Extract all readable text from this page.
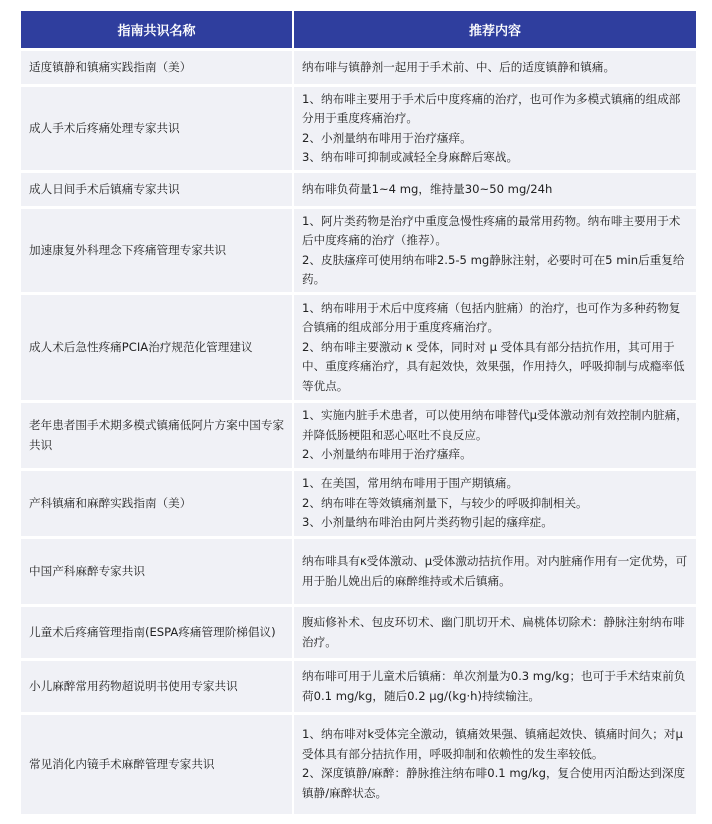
指南共识名称	推荐内容
适度镇静和镇痛实践指南（美）	纳布啡与镇静剂一起用于手术前、中、后的适度镇静和镇痛。

成人手术后疼痛处理专家共识	1、纳布啡主要用于手术后中度疼痛的治疗，也可作为多模式镇痛的组成部分用于重度疼痛治疗。
2、小剂量纳布啡用于治疗瘙痒。
3、纳布啡可抑制或减轻全身麻醉后寒战。

成人日间手术后镇痛专家共识	纳布啡负荷量1~4 mg，维持量30~50 mg/24h

加速康复外科理念下疼痛管理专家共识	1、阿片类药物是治疗中重度急慢性疼痛的最常用药物。纳布啡主要用于术后中度疼痛的治疗（推荐）。
2、皮肤瘙痒可使用纳布啡2.5-5 mg静脉注射，必要时可在5 min后重复给药。

成人术后急性疼痛PCIA治疗规范化管理建议	1、纳布啡用于术后中度疼痛（包括内脏痛）的治疗，也可作为多种药物复合镇痛的组成部分用于重度疼痛治疗。
2、纳布啡主要激动 κ 受体，同时对 μ 受体具有部分拮抗作用，其可用于中、重度疼痛治疗，具有起效快，效果强，作用持久，呼吸抑制与成瘾率低等优点。

老年患者围手术期多模式镇痛低阿片方案中国专家共识	1、实施内脏手术患者，可以使用纳布啡替代μ受体激动剂有效控制内脏痛，并降低肠梗阻和恶心呕吐不良反应。
2、小剂量纳布啡用于治疗瘙痒。

产科镇痛和麻醉实践指南（美）	1、在美国，常用纳布啡用于围产期镇痛。
2、纳布啡在等效镇痛剂量下，与较少的呼吸抑制相关。
3、小剂量纳布啡治由阿片类药物引起的瘙痒症。

中国产科麻醉专家共识	纳布啡具有κ受体激动、μ受体激动拮抗作用。对内脏痛作用有一定优势，可用于胎儿娩出后的麻醉维持或术后镇痛。

儿童术后疼痛管理指南(ESPA疼痛管理阶梯倡议)	腹疝修补术、包皮环切术、幽门肌切开术、扁桃体切除术：静脉注射纳布啡治疗。

小儿麻醉常用药物超说明书使用专家共识	纳布啡可用于儿童术后镇痛：单次剂量为0.3 mg/kg；也可于手术结束前负荷0.1 mg/kg，随后0.2 μg/(kg·h)持续输注。

常见消化内镜手术麻醉管理专家共识	1、纳布啡对k受体完全激动，镇痛效果强、镇痛起效快、镇痛时间久；对μ受体具有部分拮抗作用，呼吸抑制和依赖性的发生率较低。
2、深度镇静/麻醉：静脉推注纳布啡0.1 mg/kg，复合使用丙泊酚达到深度镇静/麻醉状态。
